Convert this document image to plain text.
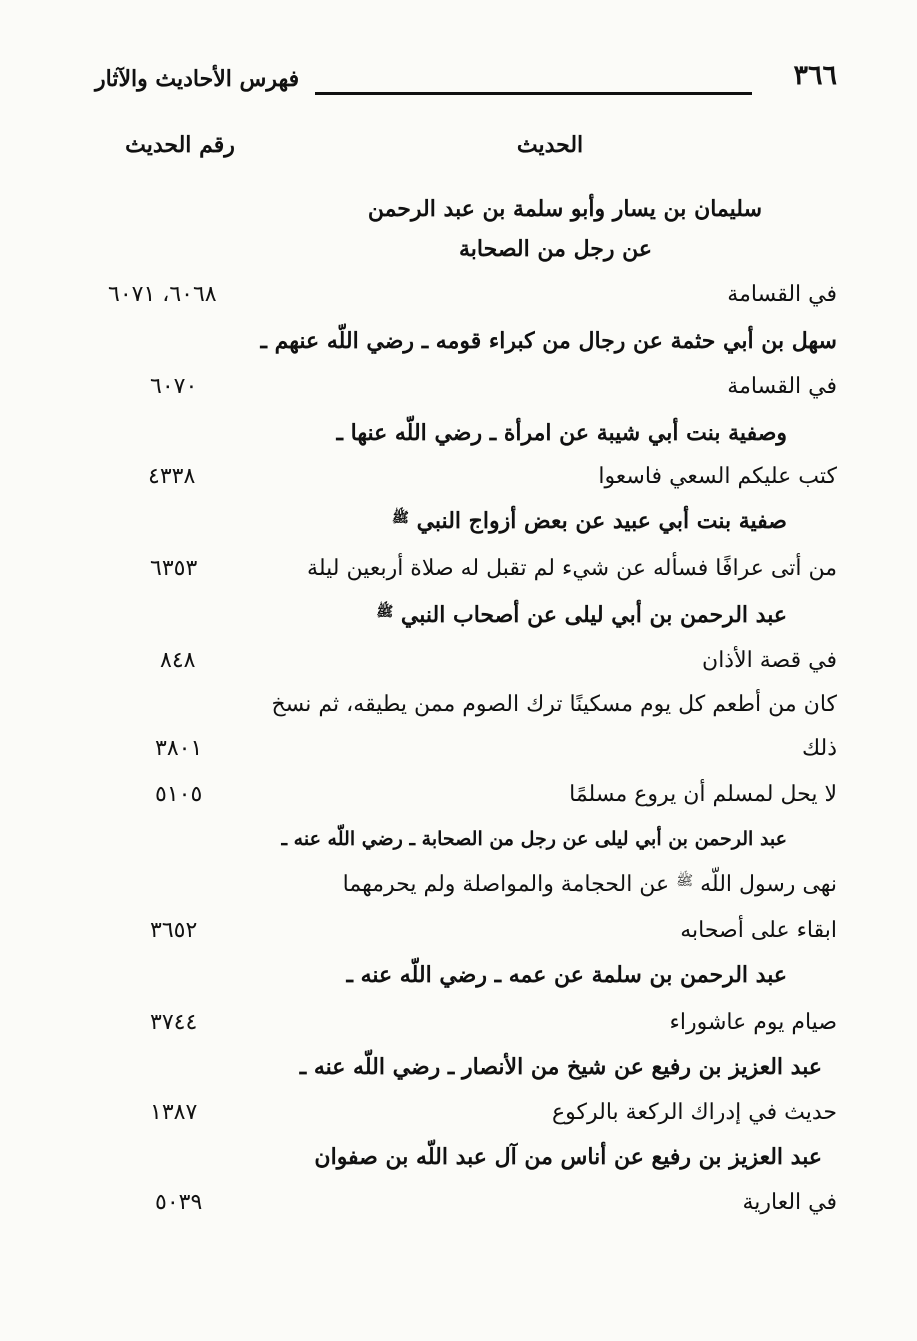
٣٦٦
فهرس الأحاديث والآثار
الحديث
رقم الحديث
سليمان بن يسار وأبو سلمة بن عبد الرحمن
عن رجل من الصحابة
في القسامة
٦٠٦٨، ٦٠٧١
سهل بن أبي حثمة عن رجال من كبراء قومه ـ رضي اللّه عنهم ـ
في القسامة
٦٠٧٠
وصفية بنت أبي شيبة عن امرأة ـ رضي اللّه عنها ـ
كتب عليكم السعي فاسعوا
٤٣٣٨
صفية بنت أبي عبيد عن بعض أزواج النبي $^ﷺ$
من أتى عرافًا فسأله عن شيء لم تقبل له صلاة أربعين ليلة
٦٣٥٣
عبد الرحمن بن أبي ليلى عن أصحاب النبي $^ﷺ$
في قصة الأذان
٨٤٨
كان من أطعم كل يوم مسكينًا ترك الصوم ممن يطيقه، ثم نسخ
ذلك
٣٨٠١
لا يحل لمسلم أن يروع مسلمًا
٥١٠٥
عبد الرحمن بن أبي ليلى عن رجل من الصحابة ـ رضي اللّه عنه ـ
نهى رسول اللّه $^ﷺ$ عن الحجامة والمواصلة ولم يحرمهما
ابقاء على أصحابه
٣٦٥٢
عبد الرحمن بن سلمة عن عمه ـ رضي اللّه عنه ـ
صيام يوم عاشوراء
٣٧٤٤
عبد العزيز بن رفيع عن شيخ من الأنصار ـ رضي اللّه عنه ـ
حديث في إدراك الركعة بالركوع
١٣٨٧
عبد العزيز بن رفيع عن أناس من آل عبد اللّه بن صفوان
في العارية
٥٠٣٩
